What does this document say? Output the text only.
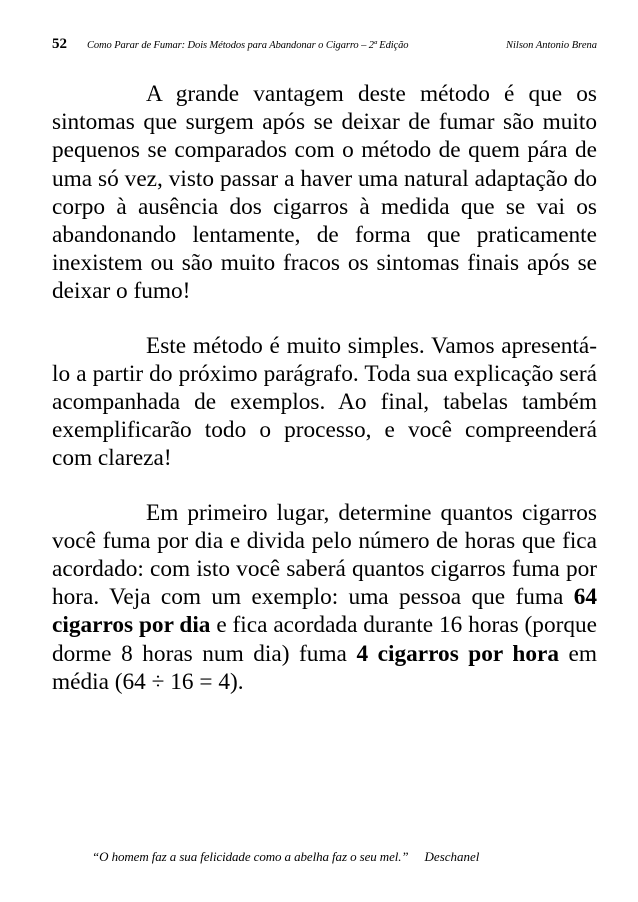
52 Como Parar de Fumar: Dois Métodos para Abandonar o Cigarro – 2ª Edição	Nilson Antonio Brena

A grande vantagem deste método é que os sintomas que surgem após se deixar de fumar são muito pequenos se comparados com o método de quem pára de uma só vez, visto passar a haver uma natural adaptação do corpo à ausência dos cigarros à medida que se vai os abandonando lentamente, de forma que praticamente inexistem ou são muito fracos os sintomas finais após se deixar o fumo!

Este método é muito simples. Vamos apresentá-lo a partir do próximo parágrafo. Toda sua explicação será acompanhada de exemplos. Ao final, tabelas também exemplificarão todo o processo, e você compreenderá com clareza!

Em primeiro lugar, determine quantos cigarros você fuma por dia e divida pelo número de horas que fica acordado: com isto você saberá quantos cigarros fuma por hora. Veja com um exemplo: uma pessoa que fuma 64 cigarros por dia e fica acordada durante 16 horas (porque dorme 8 horas num dia) fuma 4 cigarros por hora em média (64 ÷ 16 = 4).

“O homem faz a sua felicidade como a abelha faz o seu mel.” Deschanel
